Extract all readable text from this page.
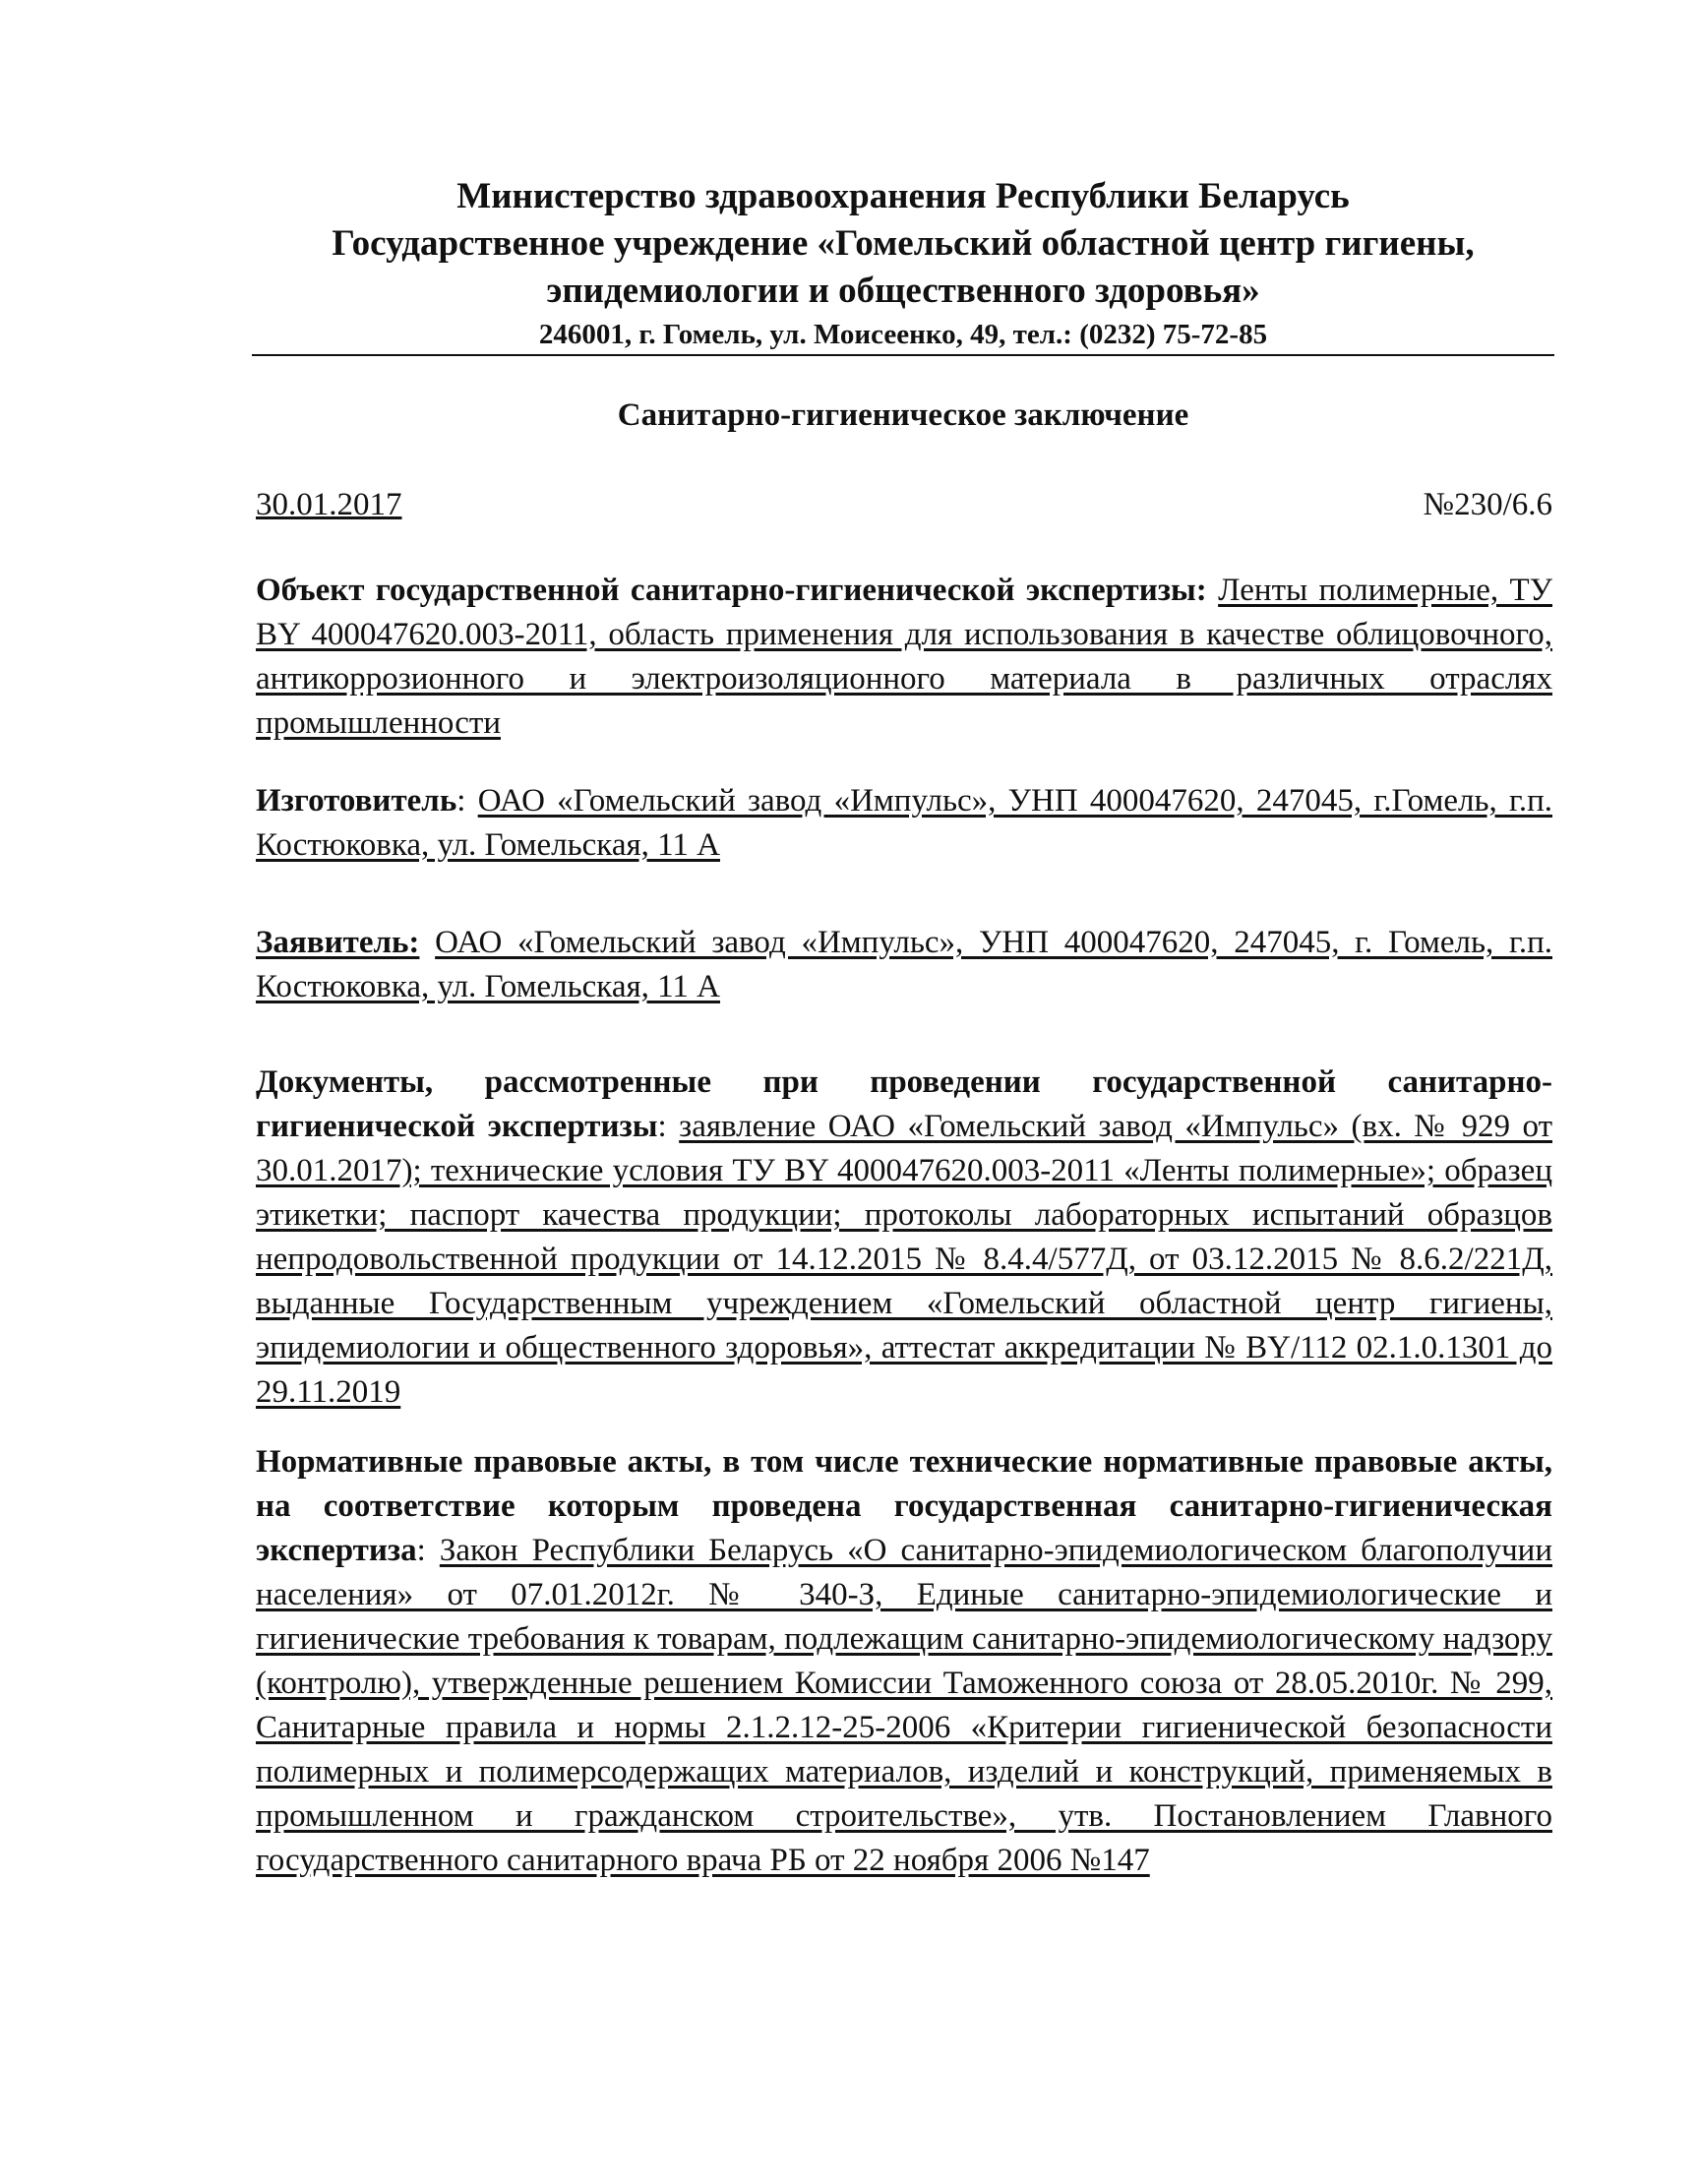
Министерство здравоохранения Республики Беларусь
Государственное учреждение «Гомельский областной центр гигиены,
эпидемиологии и общественного здоровья»
246001, г. Гомель, ул. Моисеенко, 49, тел.: (0232) 75-72-85
Санитарно-гигиеническое заключение
30.01.2017	№230/6.6
Объект государственной санитарно-гигиенической экспертизы: Ленты полимерные, ТУ BY 400047620.003-2011, область применения для использования в качестве облицовочного, антикоррозионного и электроизоляционного материала в различных отраслях промышленности
Изготовитель: ОАО «Гомельский завод «Импульс», УНП 400047620, 247045, г.Гомель, г.п. Костюковка, ул. Гомельская, 11 А
Заявитель: ОАО «Гомельский завод «Импульс», УНП 400047620, 247045, г. Гомель, г.п. Костюковка, ул. Гомельская, 11 А
Документы, рассмотренные при проведении государственной санитарно-гигиенической экспертизы: заявление ОАО «Гомельский завод «Импульс» (вх. № 929 от 30.01.2017); технические условия ТУ BY 400047620.003-2011 «Ленты полимерные»; образец этикетки; паспорт качества продукции; протоколы лабораторных испытаний образцов непродовольственной продукции от 14.12.2015 № 8.4.4/577Д, от 03.12.2015 № 8.6.2/221Д, выданные Государственным учреждением «Гомельский областной центр гигиены, эпидемиологии и общественного здоровья», аттестат аккредитации № BY/112 02.1.0.1301 до 29.11.2019
Нормативные правовые акты, в том числе технические нормативные правовые акты, на соответствие которым проведена государственная санитарно-гигиеническая экспертиза: Закон Республики Беларусь «О санитарно-эпидемиологическом благополучии населения» от 07.01.2012г. № 340-З, Единые санитарно-эпидемиологические и гигиенические требования к товарам, подлежащим санитарно-эпидемиологическому надзору (контролю), утвержденные решением Комиссии Таможенного союза от 28.05.2010г. № 299, Санитарные правила и нормы 2.1.2.12-25-2006 «Критерии гигиенической безопасности полимерных и полимерсодержащих материалов, изделий и конструкций, применяемых в промышленном и гражданском строительстве», утв. Постановлением Главного государственного санитарного врача РБ от 22 ноября 2006 №147
